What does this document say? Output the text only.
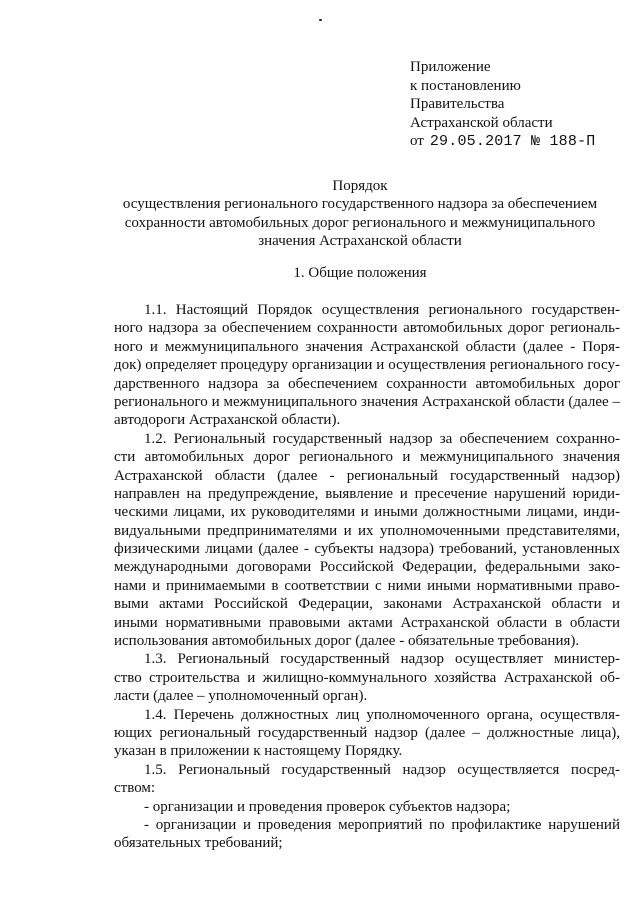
Приложение
к постановлению
Правительства
Астраханской области
от 29.05.2017 № 188-П
Порядок
осуществления регионального государственного надзора за обеспечением
сохранности автомобильных дорог регионального и межмуниципального
значения Астраханской области
1. Общие положения
1.1. Настоящий Порядок осуществления регионального государствен-
ного надзора за обеспечением сохранности автомобильных дорог региональ-
ного и межмуниципального значения Астраханской области (далее - Поря-
док) определяет процедуру организации и осуществления регионального госу-
дарственного надзора за обеспечением сохранности автомобильных дорог
регионального и межмуниципального значения Астраханской области (далее –
автодороги Астраханской области).
1.2. Региональный государственный надзор за обеспечением сохранно-
сти автомобильных дорог регионального и межмуниципального значения
Астраханской области (далее - региональный государственный надзор)
направлен на предупреждение, выявление и пресечение нарушений юриди-
ческими лицами, их руководителями и иными должностными лицами, инди-
видуальными предпринимателями и их уполномоченными представителями,
физическими лицами (далее - субъекты надзора) требований, установленных
международными договорами Российской Федерации, федеральными зако-
нами и принимаемыми в соответствии с ними иными нормативными право-
выми актами Российской Федерации, законами Астраханской области и
иными нормативными правовыми актами Астраханской области в области
использования автомобильных дорог (далее - обязательные требования).
1.3. Региональный государственный надзор осуществляет министер-
ство строительства и жилищно-коммунального хозяйства Астраханской об-
ласти (далее – уполномоченный орган).
1.4. Перечень должностных лиц уполномоченного органа, осуществля-
ющих региональный государственный надзор (далее – должностные лица),
указан в приложении к настоящему Порядку.
1.5. Региональный государственный надзор осуществляется посред-
ством:
- организации и проведения проверок субъектов надзора;
- организации и проведения мероприятий по профилактике нарушений
обязательных требований;
